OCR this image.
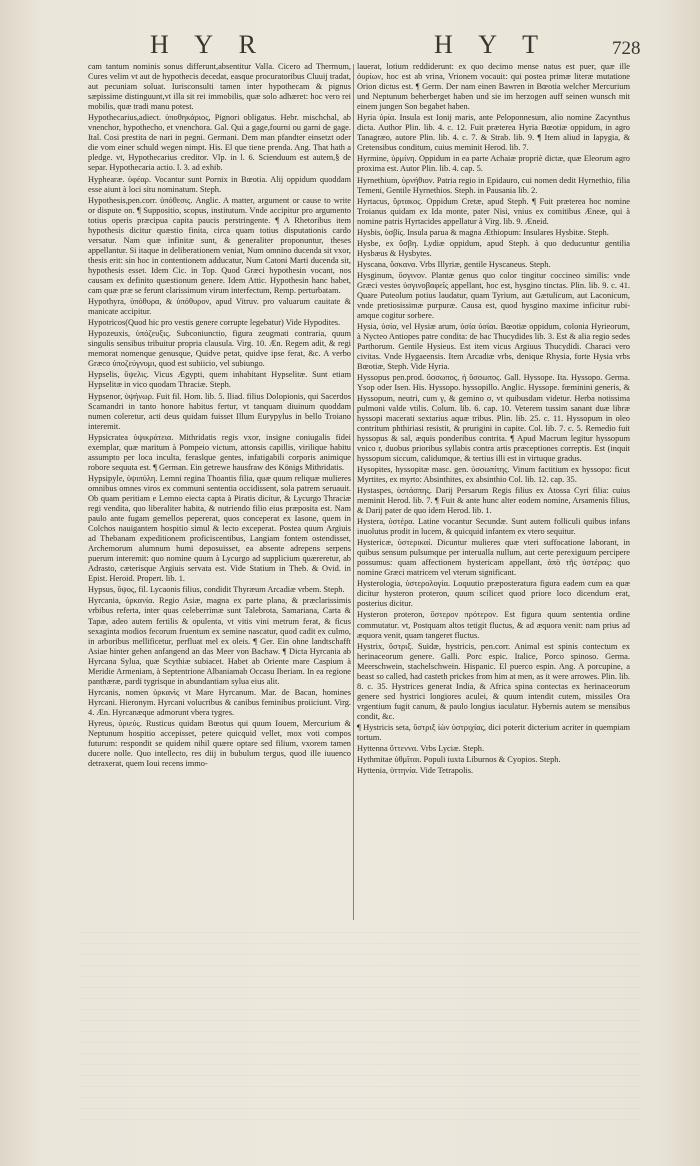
H Y R	H Y T	728

cam tantum nominis sonus differunt,absentitur Valla. Cicero ad Thermum, Cures velim vt aut de hypothecis decedat, easque procuratoribus Cluuij tradat, aut pecuniam soluat. Iurisconsulti tamen inter hypothecam & pignus sæpissime distinguunt,vt illa sit rei immobilis, quæ solo adhæret: hoc vero rei mobilis, quæ tradi manu potest.

Hypothecarius,adiect. ὑποθηκάριος, Pignori obligatus. Hebr. mischchal, ab vnenchor, hypothecho, et vnenchora. Gal. Qui a gage,fourni ou garni de gage. Ital. Cosi prestita de nari in pegni. Germani. Dem man pfandter einsetzt oder die vom einer schuld wegen nimpt. His. El que tiene prenda. Ang. That hath a pledge. vt, Hypothecarius creditor. Vlp. in l. 6. Scienduum est autem,§ de separ. Hypothecaria actio. l. 3. ad exhib.

Hyphearæ. ὑφέαρ. Vocantur sunt Pornix in Bœotia. Alij oppidum quoddam esse aiunt à loci situ nominatum. Steph.

Hypothesis,pen.corr. ὑπόθεσις. Anglic. A matter, argument or cause to write or dispute on. ¶ Suppositio, scopus, institutum. Vnde accipitur pro argumento totius operis præcipua capita paucis perstringente. ¶ A Rhetoribus item hypothesis dicitur quæstio finita, circa quam totius disputationis cardo versatur. Nam quæ infinitæ sunt, & generaliter proponuntur, theses appellantur. Si itaque in deliberationem veniat, Num omnino ducenda sit vxor, thesis erit: sin hoc in contentionem adducatur, Num Catoni Marti ducenda sit, hypothesis esset. Idem Cic. in Top. Quod Græci hypothesin vocant, nos causam ex definito quæstionum genere. Idem Attic. Hypothesin hanc habet, cam quæ præ se ferunt clarissimum virum interfectum, Remp. perturbatam.

Hypothyra, ὑπόθυρα, & ὑπόθυρον, apud Vitruv. pro valuarum cauitate & manicate accipitur.

Hypotricos(Quod hic pro vestis genere corrupte legebatur) Vide Hypodites.

Hypozeuxis, ὑπόζευξις. Subconiunctio, figura zeugmati contraria, quum singulis sensibus tribuitur propria clausula. Virg. 10. Æn. Regem adit, & regi memorat nomenque genusque, Quidve petat, quidve ipse ferat, &c. A verbo Græco ὑποζεύγνυμι, quod est subiicio, vel subiungo.

Hypselis, ὕψελις. Vicus Ægypti, quem inhabitant Hypselitæ. Sunt etiam Hypselitæ in vico quodam Thraciæ. Steph.

Hypsenor, ὑψήνωρ. Fuit fil. Hom. lib. 5. Iliad. filius Dolopionis, qui Sacerdos Scamandri in tanto honore habitus fertur, vt tanquam diuinum quoddam numen coleretur, acti deus quidam fuisset Illum Eurypylus in bello Troiano interemit.

Hypsicratea ὑψικράτεια. Mithridatis regis vxor, insigne coniugalis fidei exemplar, quæ maritum à Pompeio victum, attonsis capillis, virilique habitu assumpto per loca inculta, feraslque gentes, infatigabili corporis animique robore sequuta est. ¶ German. Ein getrewe hausfraw des Königs Mithridatis.

Hypsipyle, ὑψιπύλη. Lemni regina Thoantis filia, quæ quum reliquæ mulieres omnibus omnes viros ex communi sententia occidissent, sola patrem seruauit. Ob quam peritiam e Lemno eiecta capta à Piratis dicitur, & Lycurgo Thraciæ regi vendita, quo liberaliter habita, & nutriendo filio eius præposita est. Nam paulo ante fugam gemellos pepererat, quos conceperat ex Iasone, quem in Colchos nauigantem hospitio simul & lecto exceperat. Postea quum Argiuis ad Thebanam expeditionem proficiscentibus, Langiam fontem ostendisset, Archemorum alumnum humi deposuisset, ea absente adrepens serpens puerum interemit: quo nomine quum à Lycurgo ad supplicium quæreretur, ab Adrasto, cæterisque Argiuis servata est. Vide Statium in Theb. & Ovid. in Epist. Heroid. Propert. lib. 1.

Hypsus, ὕψος, fil. Lycaonis filius, condidit Thyræum Arcadiæ vrbem. Steph.

Hyrcania, ὑρκανία. Regio Asiæ, magna ex parte plana, & præclarissimis vrbibus referta, inter quas celeberrimæ sunt Talebrota, Samariana, Carta & Tapæ, adeo autem fertilis & opulenta, vt vitis vini metrum ferat, & ficus sexaginta modios fecorum fruentum ex semine nascatur, quod cadit ex culmo, in arboribus mellificetur, perfluat mel ex oleis. ¶ Ger. Ein ohne landtschafft Asiae hinter gehen anfangend an das Meer von Bachaw. ¶ Dicta Hyrcania ab Hyrcana Sylua, quæ Scythiæ subiacet. Habet ab Oriente mare Caspium à Meridie Armeniam, à Septentrione Albaniamab Occasu Iberiam. In ea regione panthæræ, pardi tygrisque in abundantiam sylua eius alit.

Hyrcanis, nomen ὑρκανὶς vt Mare Hyrcanum. Mar. de Bacan, homines Hyrcani. Hieronym. Hyrcani volucribus & canibus feminibus proiiciunt. Virg. 4. Æn. Hyrcanæque admorunt vbera tygres.

Hyreus, ὑριεύς. Rusticus quidam Bœotus qui quum Iouem, Mercurium & Neptunum hospitio accepisset, petere quicquid vellet, mox voti compos futurum: respondit se quidem nihil quære optare sed filium, vxorem tamen ducere nolle. Quo intellecto, res diij in bubulum tergus, quod ille iuuenco detraxerat, quem Ioui recens immo-

lauerat, lotium reddiderunt: ex quo decimo mense natus est puer, quæ ille ὀυρίων, hoc est ab vrina, Vrionem vocauit: qui postea primæ literæ mutatione Orion dictus est. ¶ Germ. Der nam einen Bawren in Bœotia welcher Mercurium und Neptunum beherberget haben und sie im herzogen auff seinen wunsch mit einem jungen Son begabet haben.

Hyria ὑρία. Insula est Ionij maris, ante Peloponnesum, alio nomine Zacynthus dicta. Author Plin. lib. 4. c. 12. Fuit præterea Hyria Bœotiæ oppidum, in agro Tanagræo, autore Plin. lib. 4. c. 7. & Strab. lib. 9. ¶ Item aliud in Iapygia, & Cretensibus conditum, cuius meminit Herod. lib. 7.

Hyrmine, ὑρμίνη. Oppidum in ea parte Achaiæ propriè dictæ, quæ Eleorum agro proxima est. Autor Plin. lib. 4. cap. 5.

Hyrnethium, ὑρνήθιον. Patria regio in Epidauro, cui nomen dedit Hyrnethio, filia Temeni, Gentile Hyrnethios. Steph. in Pausania lib. 2.

Hyrtacus, ὕρτακος. Oppidum Cretæ, apud Steph. ¶ Fuit præterea hoc nomine Troianus quidam ex Ida monte, pater Nisi, vnius ex comitibus Æneæ, qui à nomine patris Hyrtacides appellatur à Virg. lib. 9. Æneid.

Hysbis, ὑσβίς. Insula parua & magna Æthiopum: Insulares Hysbitæ. Steph.

Hysbe, ex ὕσβη. Lydiæ oppidum, apud Steph. à quo deducuntur gentilia Hysbæus & Hysbytes.

Hyscana, ὕσκανα. Vrbs Illyriæ, gentile Hyscaneus. Steph.

Hysginum, ὕσγινον. Plantæ genus quo color tingitur coccineo similis: vnde Græci vestes ὑσγινοβαφεῖς appellant, hoc est, hysgino tinctas. Plin. lib. 9. c. 41. Quare Puteolum potius laudatur, quam Tyrium, aut Gætulicum, aut Laconicum, vnde pretiosissimæ purpuræ. Causa est, quod hysgino maxime inficitur rubi-amque cogitur sorbere.

Hysia, ὑσία, vel Hysiæ arum, ὑσία ὑσίαι. Bœotiæ oppidum, colonia Hyrieorum, à Nycteo Antiopes patre condita: de hac Thucydides lib. 3. Est & alia regio sedes Parthorum. Gentile Hysieus. Est item vicus Argiuus Thucydidi. Characi vero civitas. Vnde Hygaeensis. Item Arcadiæ vrbs, denique Rhysia, forte Hysia vrbs Bœotiæ, Steph. Vide Hyria.

Hyssopus pen.prod. ὕσσωπος, ἡ ὕσσωπος. Gall. Hyssope. Ita. Hyssopo. Germa. Ysop oder Isen. His. Hyssopo. hyssopillo. Anglic. Hyssope. fœminini generis, & Hyssopum, neutri, cum γ, & gemino σ, vt quibusdam videtur. Herba notissima pulmoni valde vtilis. Colum. lib. 6. cap. 10. Veterem tussim sanant duæ libræ hyssopi macerati sextarius aquæ tribus. Plin. lib. 25. c. 11. Hyssopum in oleo contritum phthiriasi resistit, & prurigini in capite. Col. lib. 7. c. 5. Remedio fuit hyssopus & sal, æquis ponderibus contrita. ¶ Apud Macrum legitur hyssopum vnico r, duobus prioribus syllabis contra artis præceptiones correptis. Est (inquit hyssopum siccum, calidumque, & tertius illi est in virtuque gradus.

Hysopites, hyssopitæ masc. gen. ὑσσωπίτης. Vinum factitium ex hyssopo: ficut Myrtites, ex myrto: Absinthites, ex absinthio Col. lib. 12. cap. 35.

Hystaspes, ὑστάσπης. Darij Persarum Regis filius ex Atossa Cyri filia: cuius meminit Herod. lib. 7. ¶ Fuit & ante hunc alter eodem nomine, Arsamenis filius, & Darij pater de quo idem Herod. lib. 1.

Hystera, ὑστέρα. Latine vocantur Secundæ. Sunt autem folliculi quibus infans inuolutus prodit in lucem, & quicquid infantem ex vtero sequitur.

Hystericæ, ὑστερικαί. Dicuntur mulieres quæ vteri suffocatione laborant, in quibus sensum pulsumque per interualla nullum, aut certe perexiguum percipere possumus: quam affectionem hystericam appellant, ἀπὸ τῆς ὑστέρας: quo nomine Græci matricem vel vterum significant.

Hysterologia, ὑστερολογία. Loquutio præposteratura figura eadem cum ea quæ dicitur hysteron proteron, quum scilicet quod priore loco dicendum erat, posterius dicitur.

Hysteron proteron, ὕστερον πρότερον. Est figura quum sententia ordine commutatur. vt, Postquam altos tetigit fluctus, & ad æquora venit: nam prius ad æquora venit, quam tangeret fluctus.

Hystrix, ὕστριξ. Suidæ, hystricis, pen.corr. Animal est spinis contectum ex herinaceorum genere. Galli. Porc espic. Italice, Porco spinoso. Germa. Meerschwein, stachelschwein. Hispanic. El puerco espin. Ang. A porcupine, a beast so called, had casteth prickes from him at men, as it were arrowes. Plin. lib. 8. c. 35. Hystrices generat India, & Africa spina contectas ex herinaceorum genere sed hystrici longiores aculei, & quum intendit cutem, missiles Ora vrgentium fugit canum, & paulo longius iaculatur. Hybernis autem se mensibus condit, &c.

¶ Hystricis seta, ὕστριξ ἰὼν ὑστριχίας, dici poterit dicterium acriter in quempiam tortum.

Hyttenna ὕττεννα. Vrbs Lyciæ. Steph.

Hythmitae ὑθμῖται. Populi iuxta Liburnos & Cyopios. Steph.

Hyttenia, ὑττηνία. Vide Tetrapolis.
